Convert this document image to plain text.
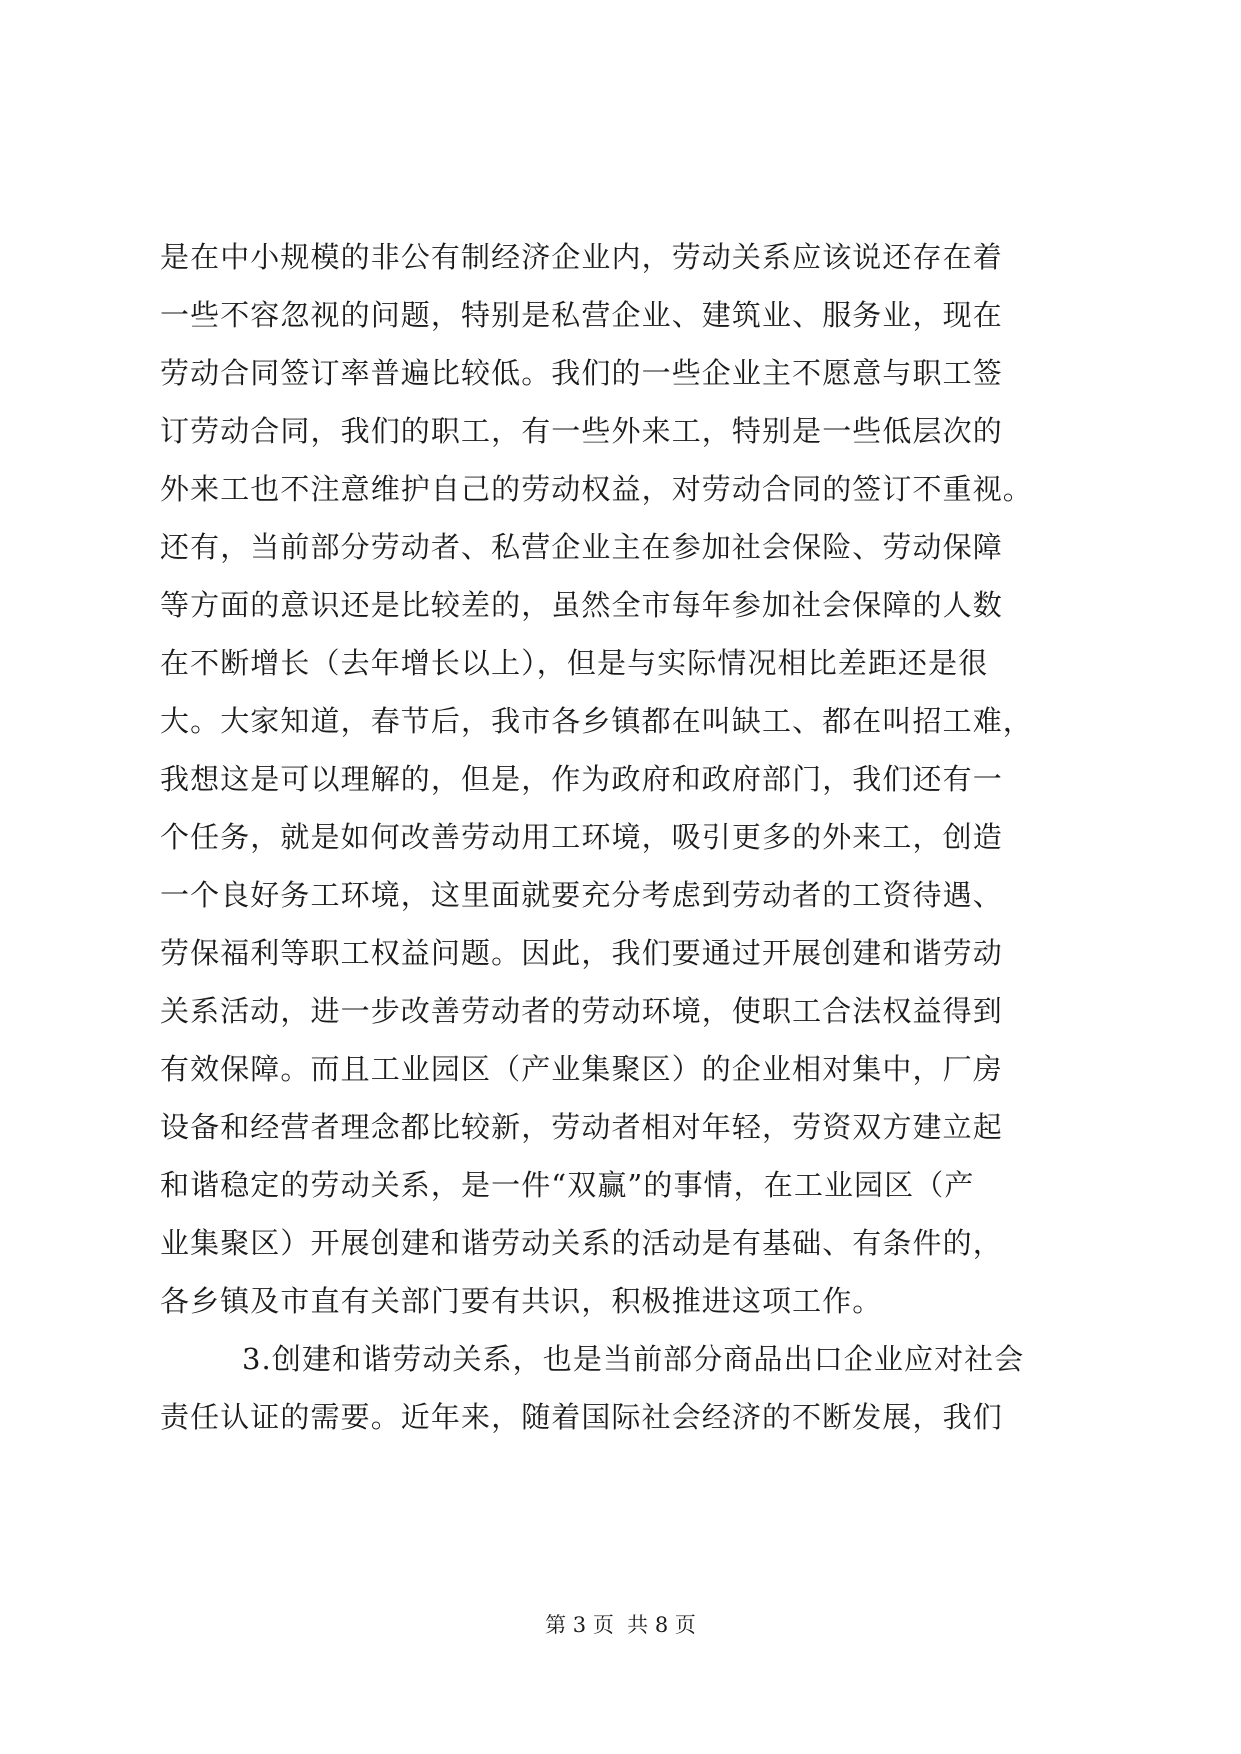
是在中小规模的非公有制经济企业内，劳动关系应该说还存在着
一些不容忽视的问题，特别是私营企业、建筑业、服务业，现在
劳动合同签订率普遍比较低。我们的一些企业主不愿意与职工签
订劳动合同，我们的职工，有一些外来工，特别是一些低层次的
外来工也不注意维护自己的劳动权益，对劳动合同的签订不重视。
还有，当前部分劳动者、私营企业主在参加社会保险、劳动保障
等方面的意识还是比较差的，虽然全市每年参加社会保障的人数
在不断增长（去年增长以上），但是与实际情况相比差距还是很
大。大家知道，春节后，我市各乡镇都在叫缺工、都在叫招工难，
我想这是可以理解的，但是，作为政府和政府部门，我们还有一
个任务，就是如何改善劳动用工环境，吸引更多的外来工，创造
一个良好务工环境，这里面就要充分考虑到劳动者的工资待遇、
劳保福利等职工权益问题。因此，我们要通过开展创建和谐劳动
关系活动，进一步改善劳动者的劳动环境，使职工合法权益得到
有效保障。而且工业园区（产业集聚区）的企业相对集中，厂房
设备和经营者理念都比较新，劳动者相对年轻，劳资双方建立起
和谐稳定的劳动关系，是一件“双赢”的事情，在工业园区（产
业集聚区）开展创建和谐劳动关系的活动是有基础、有条件的，
各乡镇及市直有关部门要有共识，积极推进这项工作。
3.创建和谐劳动关系，也是当前部分商品出口企业应对社会
责任认证的需要。近年来，随着国际社会经济的不断发展，我们
第 3 页  共 8 页
